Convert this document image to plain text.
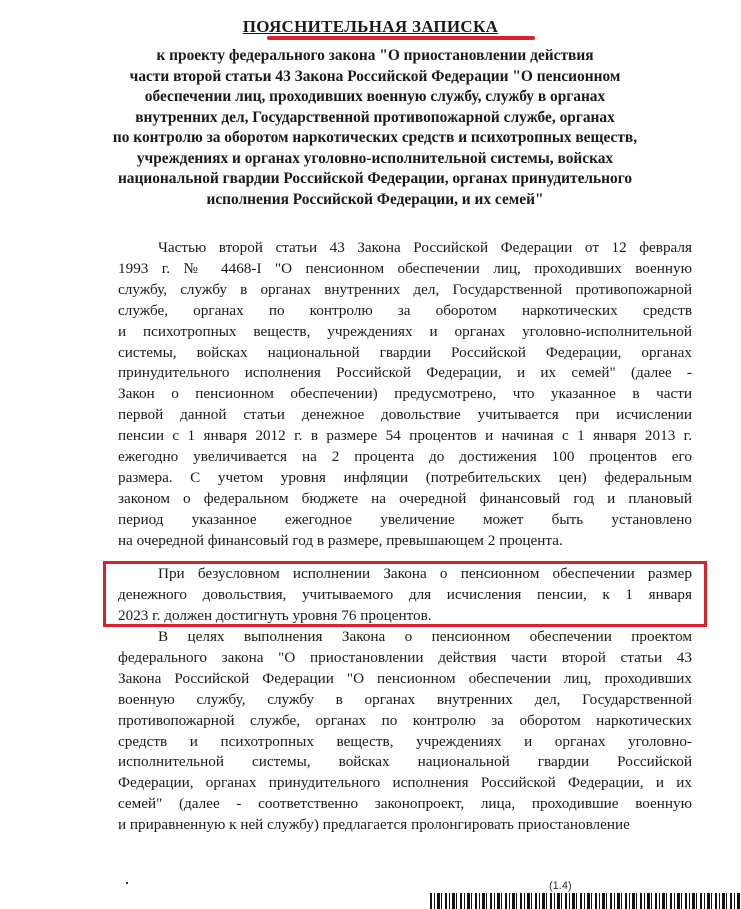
ПОЯСНИТЕЛЬНАЯ ЗАПИСКА
к проекту федерального закона "О приостановлении действия
части второй статьи 43 Закона Российской Федерации "О пенсионном
обеспечении лиц, проходивших военную службу, службу в органах
внутренних дел, Государственной противопожарной службе, органах
по контролю за оборотом наркотических средств и психотропных веществ,
учреждениях и органах уголовно-исполнительной системы, войсках
национальной гвардии Российской Федерации, органах принудительного
исполнения Российской Федерации, и их семей"
Частью второй статьи 43 Закона Российской Федерации от 12 февраля
1993 г. № 4468-I "О пенсионном обеспечении лиц, проходивших военную
службу, службу в органах внутренних дел, Государственной противопожарной
службе, органах по контролю за оборотом наркотических средств
и психотропных веществ, учреждениях и органах уголовно-исполнительной
системы, войсках национальной гвардии Российской Федерации, органах
принудительного исполнения Российской Федерации, и их семей" (далее -
Закон о пенсионном обеспечении) предусмотрено, что указанное в части
первой данной статьи денежное довольствие учитывается при исчислении
пенсии с 1 января 2012 г. в размере 54 процентов и начиная с 1 января 2013 г.
ежегодно увеличивается на 2 процента до достижения 100 процентов его
размера. С учетом уровня инфляции (потребительских цен) федеральным
законом о федеральном бюджете на очередной финансовый год и плановый
период указанное ежегодное увеличение может быть установлено
на очередной финансовый год в размере, превышающем 2 процента.
При безусловном исполнении Закона о пенсионном обеспечении размер
денежного довольствия, учитываемого для исчисления пенсии, к 1 января
2023 г. должен достигнуть уровня 76 процентов.
В целях выполнения Закона о пенсионном обеспечении проектом
федерального закона "О приостановлении действия части второй статьи 43
Закона Российской Федерации "О пенсионном обеспечении лиц, проходивших
военную службу, службу в органах внутренних дел, Государственной
противопожарной службе, органах по контролю за оборотом наркотических
средств и психотропных веществ, учреждениях и органах уголовно-
исполнительной системы, войсках национальной гвардии Российской
Федерации, органах принудительного исполнения Российской Федерации, и их
семей" (далее - соответственно законопроект, лица, проходившие военную
и приравненную к ней службу) предлагается пролонгировать приостановление
(1.4)
